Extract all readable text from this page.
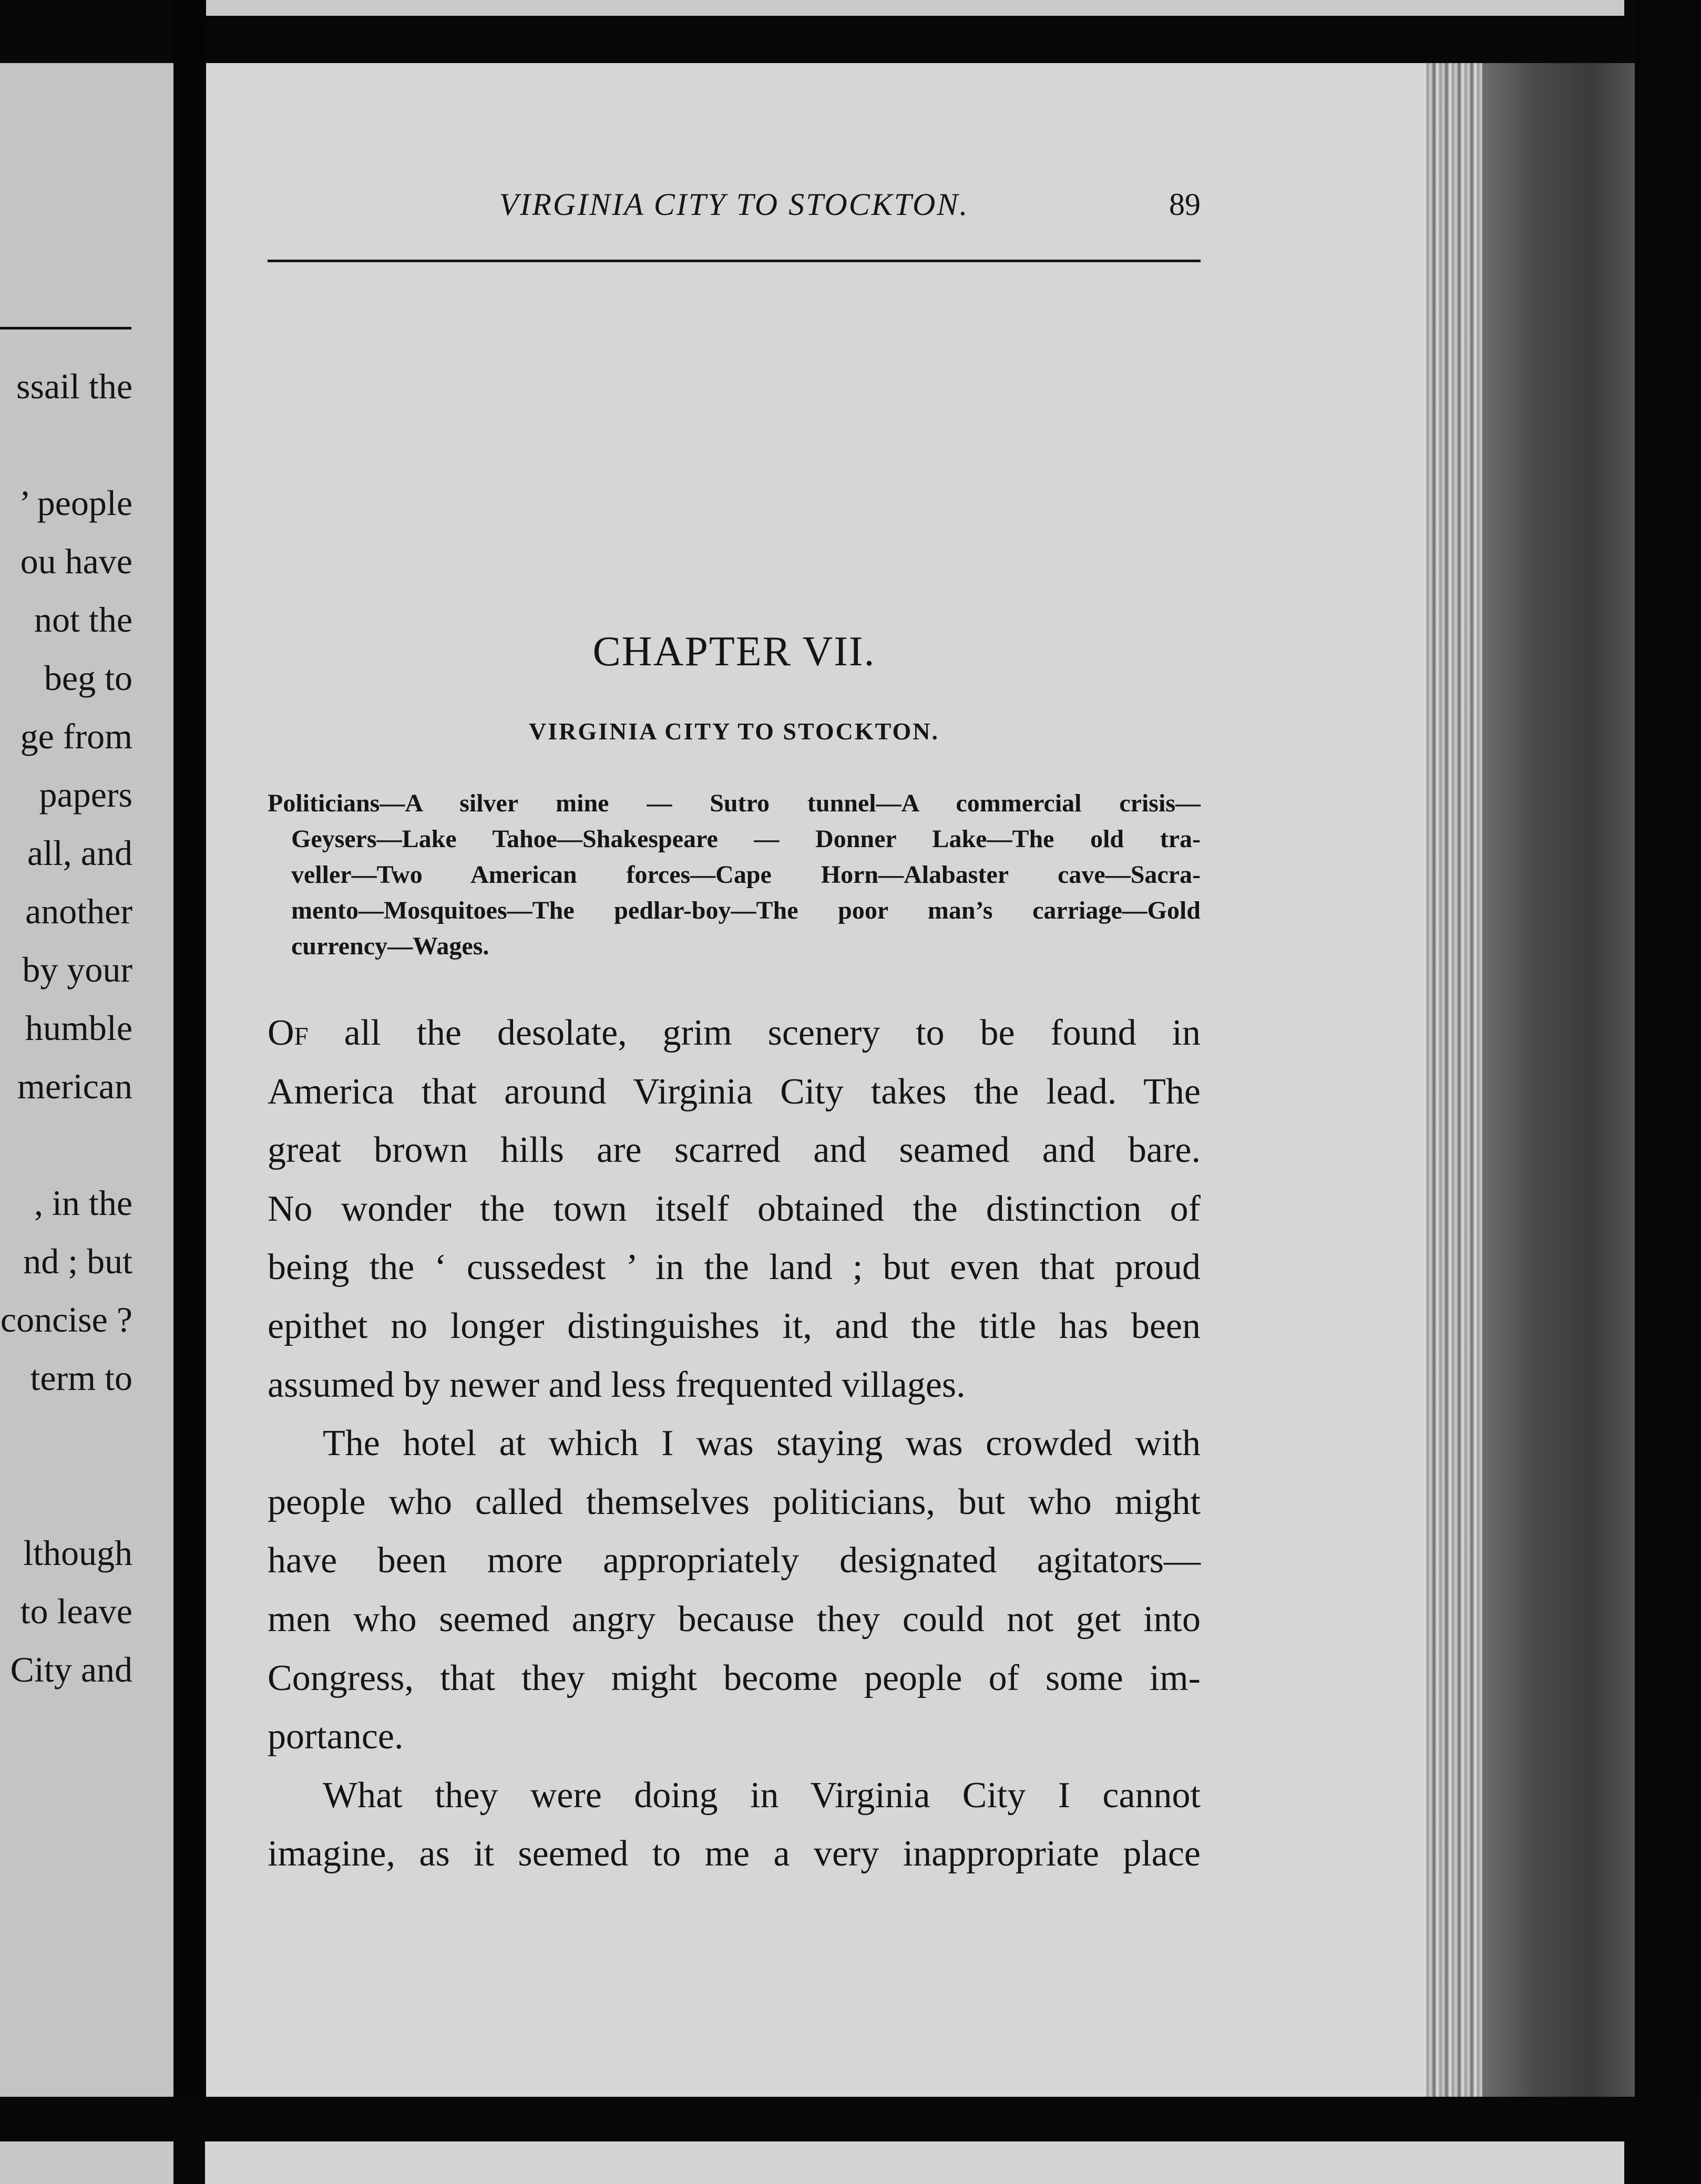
ssail the
’ people
ou have
not the
beg to
ge from
papers
all, and
another
by your
humble
merican
, in the
nd ; but
concise ?
term to
lthough
to leave
City and
VIRGINIA CITY TO STOCKTON.	89
CHAPTER VII.
VIRGINIA CITY TO STOCKTON.
Politicians—A silver mine — Sutro tunnel—A commercial crisis—
Geysers—Lake Tahoe—Shakespeare — Donner Lake—The old tra-
veller—Two American forces—Cape Horn—Alabaster cave—Sacra-
mento—Mosquitoes—The pedlar-boy—The poor man’s carriage—Gold
currency—Wages.
Of all the desolate, grim scenery to be found in
America that around Virginia City takes the lead. The
great brown hills are scarred and seamed and bare.
No wonder the town itself obtained the distinction of
being the ‘ cussedest ’ in the land ; but even that proud
epithet no longer distinguishes it, and the title has been
assumed by newer and less frequented villages.
The hotel at which I was staying was crowded with
people who called themselves politicians, but who might
have been more appropriately designated agitators—
men who seemed angry because they could not get into
Congress, that they might become people of some im-
portance.
What they were doing in Virginia City I cannot
imagine, as it seemed to me a very inappropriate place
